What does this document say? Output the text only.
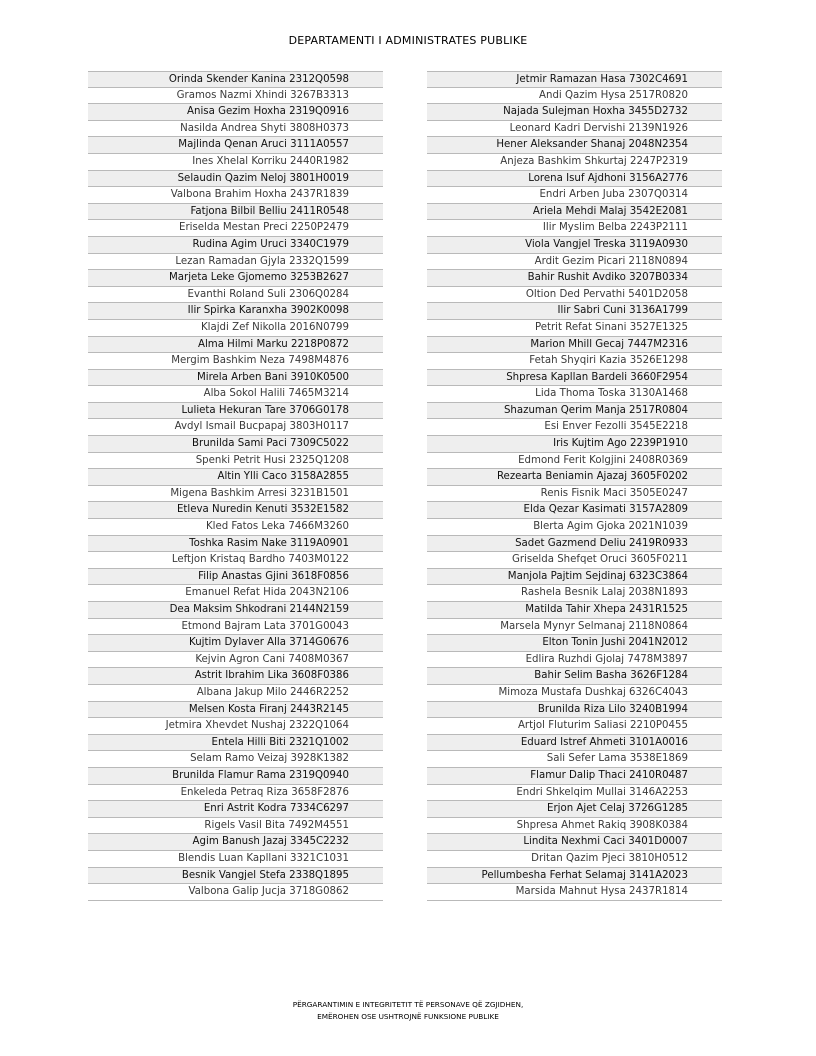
DEPARTAMENTI I ADMINISTRATES PUBLIKE
Orinda Skender Kanina 2312Q0598
Gramos Nazmi Xhindi 3267B3313
Anisa Gezim Hoxha 2319Q0916
Nasilda Andrea Shyti 3808H0373
Majlinda Qenan Aruci 3111A0557
Ines Xhelal Korriku 2440R1982
Selaudin Qazim Neloj 3801H0019
Valbona Brahim Hoxha 2437R1839
Fatjona Bilbil Belliu 2411R0548
Eriselda Mestan Preci 2250P2479
Rudina Agim Uruci 3340C1979
Lezan Ramadan Gjyla 2332Q1599
Marjeta Leke Gjomemo 3253B2627
Evanthi Roland Suli 2306Q0284
Ilir Spirka Karanxha 3902K0098
Klajdi Zef Nikolla 2016N0799
Alma Hilmi Marku 2218P0872
Mergim Bashkim Neza 7498M4876
Mirela Arben Bani 3910K0500
Alba Sokol Halili 7465M3214
Lulieta Hekuran Tare 3706G0178
Avdyl Ismail Bucpapaj 3803H0117
Brunilda Sami Paci 7309C5022
Spenki Petrit Husi 2325Q1208
Altin Ylli Caco 3158A2855
Migena Bashkim Arresi 3231B1501
Etleva Nuredin Kenuti 3532E1582
Kled Fatos Leka 7466M3260
Toshka Rasim Nake 3119A0901
Leftjon Kristaq Bardho 7403M0122
Filip Anastas Gjini 3618F0856
Emanuel Refat Hida 2043N2106
Dea Maksim Shkodrani 2144N2159
Etmond Bajram Lata 3701G0043
Kujtim Dylaver Alla 3714G0676
Kejvin Agron Cani 7408M0367
Astrit Ibrahim Lika 3608F0386
Albana Jakup Milo 2446R2252
Melsen Kosta Firanj 2443R2145
Jetmira Xhevdet Nushaj 2322Q1064
Entela Hilli Biti 2321Q1002
Selam Ramo Veizaj 3928K1382
Brunilda Flamur Rama 2319Q0940
Enkeleda Petraq Riza 3658F2876
Enri Astrit Kodra 7334C6297
Rigels Vasil Bita 7492M4551
Agim Banush Jazaj 3345C2232
Blendis Luan Kapllani 3321C1031
Besnik Vangjel Stefa 2338Q1895
Valbona Galip Jucja 3718G0862
Jetmir Ramazan Hasa 7302C4691
Andi Qazim Hysa 2517R0820
Najada Sulejman Hoxha 3455D2732
Leonard Kadri Dervishi 2139N1926
Hener Aleksander Shanaj 2048N2354
Anjeza Bashkim Shkurtaj 2247P2319
Lorena Isuf Ajdhoni 3156A2776
Endri Arben Juba 2307Q0314
Ariela Mehdi Malaj 3542E2081
Ilir Myslim Belba 2243P2111
Viola Vangjel Treska 3119A0930
Ardit Gezim Picari 2118N0894
Bahir Rushit Avdiko 3207B0334
Oltion Ded Pervathi 5401D2058
Ilir Sabri Cuni 3136A1799
Petrit Refat Sinani 3527E1325
Marion Mhill Gecaj 7447M2316
Fetah Shyqiri Kazia 3526E1298
Shpresa Kapllan Bardeli 3660F2954
Lida Thoma Toska 3130A1468
Shazuman Qerim Manja 2517R0804
Esi Enver Fezolli 3545E2218
Iris Kujtim Ago 2239P1910
Edmond Ferit Kolgjini 2408R0369
Rezearta Beniamin Ajazaj 3605F0202
Renis Fisnik Maci 3505E0247
Elda Qezar Kasimati 3157A2809
Blerta Agim Gjoka 2021N1039
Sadet Gazmend Deliu 2419R0933
Griselda Shefqet Oruci 3605F0211
Manjola Pajtim Sejdinaj 6323C3864
Rashela Besnik Lalaj 2038N1893
Matilda Tahir Xhepa 2431R1525
Marsela Mynyr Selmanaj 2118N0864
Elton Tonin Jushi 2041N2012
Edlira Ruzhdi Gjolaj 7478M3897
Bahir Selim Basha 3626F1284
Mimoza Mustafa Dushkaj 6326C4043
Brunilda Riza Lilo 3240B1994
Artjol Fluturim Saliasi 2210P0455
Eduard Istref Ahmeti 3101A0016
Sali Sefer Lama 3538E1869
Flamur Dalip Thaci 2410R0487
Endri Shkelqim Mullai 3146A2253
Erjon Ajet Celaj 3726G1285
Shpresa Ahmet Rakiq 3908K0384
Lindita Nexhmi Caci 3401D0007
Dritan Qazim Pjeci 3810H0512
Pellumbesha Ferhat Selamaj 3141A2023
Marsida Mahnut Hysa 2437R1814
PËRGARANTIMIN E INTEGRITETIT TË PERSONAVE QË ZGJIDHEN,
EMËROHEN OSE USHTROJNË FUNKSIONE PUBLIKE
